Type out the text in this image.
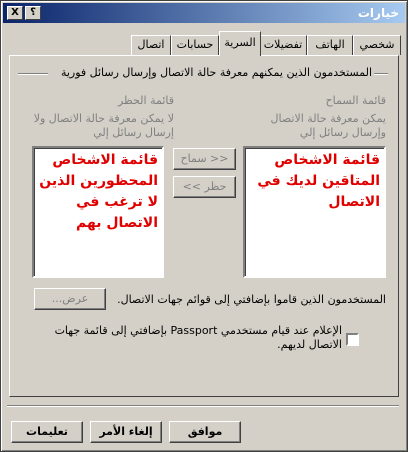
X	؟	خيارات
شخصي
الهاتف
تفضيلات
السرية
حسابات
اتصال
المستخدمون الذين يمكنهم معرفة حالة الاتصال وإرسال رسائل فورية
قائمة السماح
يمكن معرفة حالة الاتصال وإرسال رسائل إلي
قائمة الحظر
لا يمكن معرفة حالة الاتصال ولا إرسال رسائل إلي
قائمة الاشخاص المتاقين لديك في الاتصال
قائمة الاشخاص المحظورين الذين لا ترغب في الاتصال بهم
<< سماح
حظر >>
المستخدمون الذين قاموا بإضافتي إلى قوائم جهات الاتصال.
عرض...
الإعلام عند قيام مستخدمي Passport بإضافتي إلى قائمة جهات
الاتصال لديهم.
موافق
إلغاء الأمر
تعليمات
